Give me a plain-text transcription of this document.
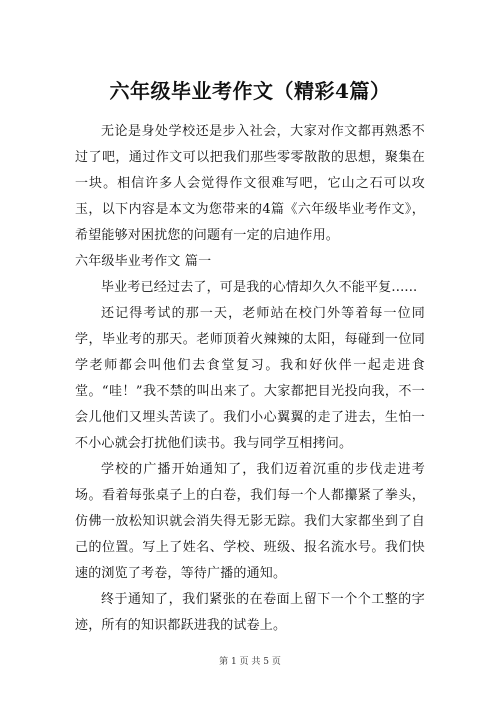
六年级毕业考作文（精彩4篇）

无论是身处学校还是步入社会，大家对作文都再熟悉不过了吧，通过作文可以把我们那些零零散散的思想，聚集在一块。相信许多人会觉得作文很难写吧，它山之石可以攻玉，以下内容是本文为您带来的4篇《六年级毕业考作文》，希望能够对困扰您的问题有一定的启迪作用。

六年级毕业考作文 篇一

毕业考已经过去了，可是我的心情却久久不能平复......

还记得考试的那一天，老师站在校门外等着每一位同学，毕业考的那天。老师顶着火辣辣的太阳，每碰到一位同学老师都会叫他们去食堂复习。我和好伙伴一起走进食堂。“哇！”我不禁的叫出来了。大家都把目光投向我，不一会儿他们又埋头苦读了。我们小心翼翼的走了进去，生怕一不小心就会打扰他们读书。我与同学互相拷问。

学校的广播开始通知了，我们迈着沉重的步伐走进考场。看着每张桌子上的白卷，我们每一个人都攥紧了拳头，仿佛一放松知识就会消失得无影无踪。我们大家都坐到了自己的位置。写上了姓名、学校、班级、报名流水号。我们快速的浏览了考卷，等待广播的通知。

终于通知了，我们紧张的在卷面上留下一个个工整的字迹，所有的知识都跃进我的试卷上。

第 1 页 共 5 页
